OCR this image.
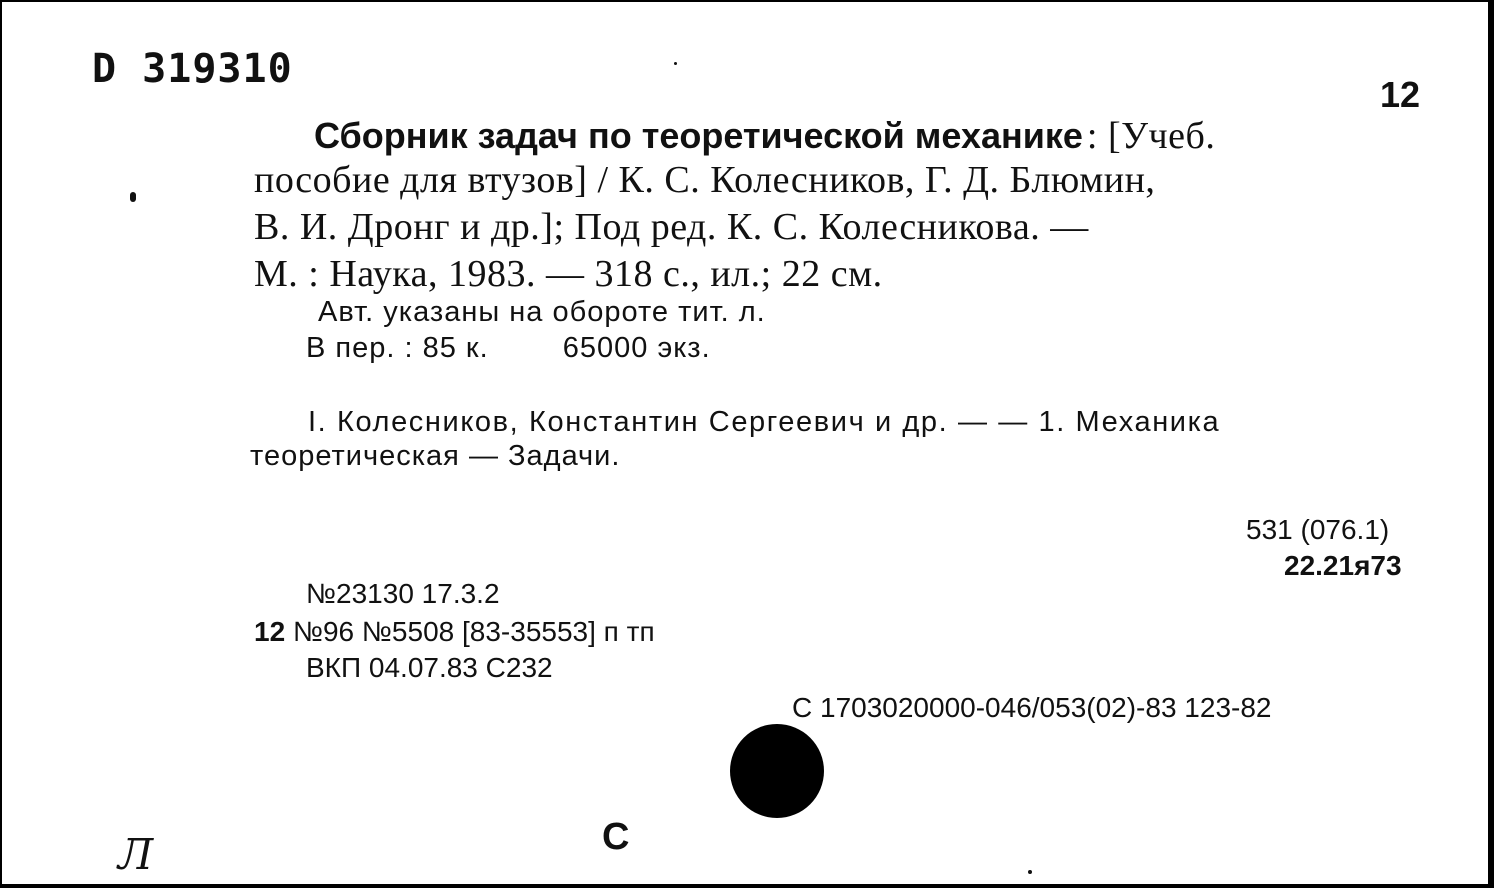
D 319310
12
Сборник задач по теоретической механике : [Учеб.
пособие для втузов] / К. С. Колесников, Г. Д. Блюмин,
В. И. Дронг и др.]; Под ред. К. С. Колесникова. —
М. : Наука, 1983. — 318 с., ил.; 22 см.
Авт. указаны на обороте тит. л.
В пер. : 85 к.	65000 экз.
I. Колесников, Константин Сергеевич и др. — — 1. Механика
теоретическая — Задачи.
531 (076.1)
22.21я73
№23130 17.3.2
12 №96 №5508 [83-35553] п тп
ВКП 04.07.83 С232
С 1703020000-046/053(02)-83 123-82
С
Л
